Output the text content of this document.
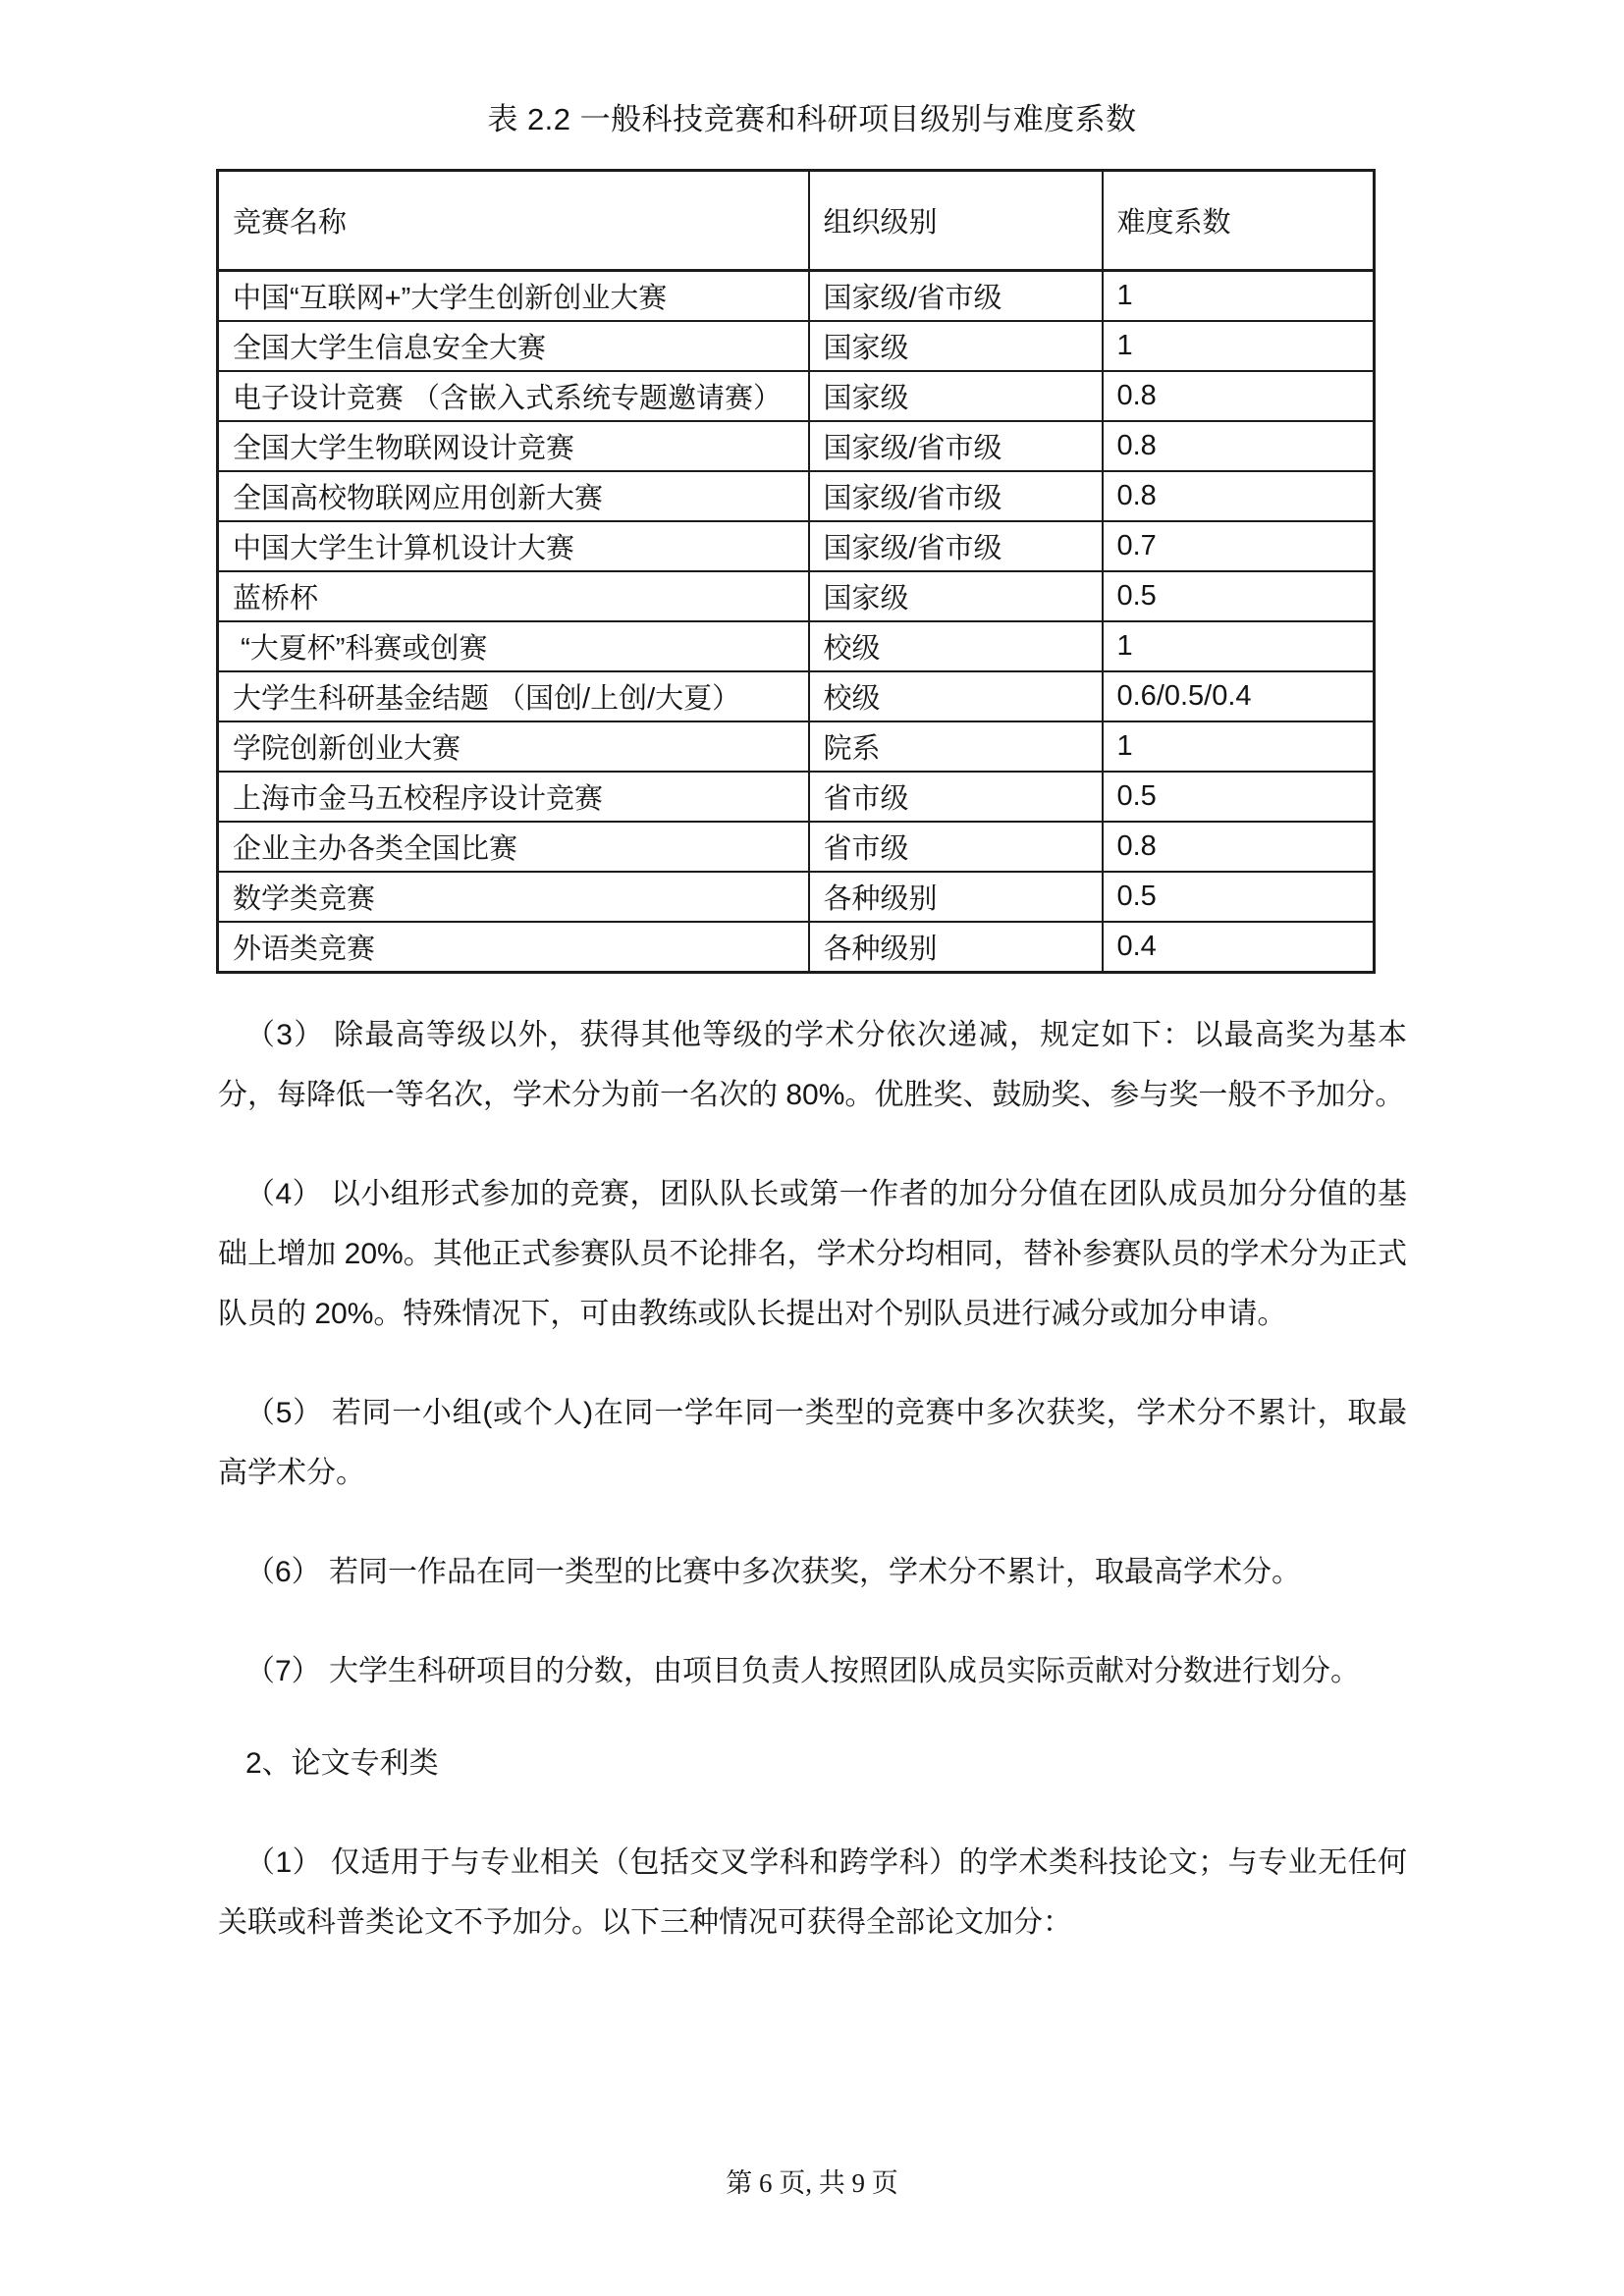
表 2.2 一般科技竞赛和科研项目级别与难度系数
竞赛名称	组织级别	难度系数
中国“互联网+”大学生创新创业大赛	国家级/省市级	1
全国大学生信息安全大赛	国家级	1
电子设计竞赛 （含嵌入式系统专题邀请赛）	国家级	0.8
全国大学生物联网设计竞赛	国家级/省市级	0.8
全国高校物联网应用创新大赛	国家级/省市级	0.8
中国大学生计算机设计大赛	国家级/省市级	0.7
蓝桥杯	国家级	0.5
“大夏杯”科赛或创赛	校级	1
大学生科研基金结题 （国创/上创/大夏）	校级	0.6/0.5/0.4
学院创新创业大赛	院系	1
上海市金马五校程序设计竞赛	省市级	0.5
企业主办各类全国比赛	省市级	0.8
数学类竞赛	各种级别	0.5
外语类竞赛	各种级别	0.4
（3） 除最高等级以外，获得其他等级的学术分依次递减，规定如下：以最高奖为基本分，每降低一等名次，学术分为前一名次的 80%。优胜奖、鼓励奖、参与奖一般不予加分。
（4） 以小组形式参加的竞赛，团队队长或第一作者的加分分值在团队成员加分分值的基础上增加 20%。其他正式参赛队员不论排名，学术分均相同，替补参赛队员的学术分为正式队员的 20%。特殊情况下，可由教练或队长提出对个别队员进行减分或加分申请。
（5） 若同一小组(或个人)在同一学年同一类型的竞赛中多次获奖，学术分不累计，取最高学术分。
（6） 若同一作品在同一类型的比赛中多次获奖，学术分不累计，取最高学术分。
（7） 大学生科研项目的分数，由项目负责人按照团队成员实际贡献对分数进行划分。
2、论文专利类
（1） 仅适用于与专业相关（包括交叉学科和跨学科）的学术类科技论文；与专业无任何关联或科普类论文不予加分。以下三种情况可获得全部论文加分：
第 6 页, 共 9 页
